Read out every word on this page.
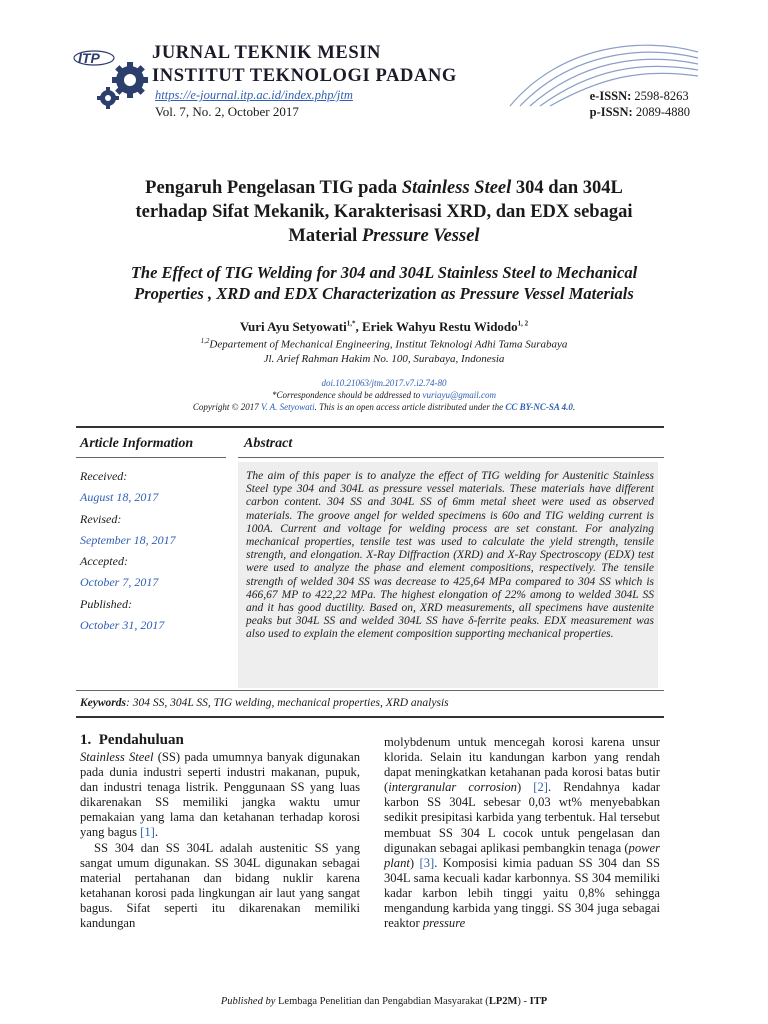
ITP	JURNAL TEKNIK MESIN
INSTITUT TEKNOLOGI PADANG
https://e-journal.itp.ac.id/index.php/jtm
Vol. 7, No. 2, October 2017
e-ISSN: 2598-8263
p-ISSN: 2089-4880
Pengaruh Pengelasan TIG pada Stainless Steel 304 dan 304L
terhadap Sifat Mekanik, Karakterisasi XRD, dan EDX sebagai
Material Pressure Vessel
The Effect of TIG Welding for 304 and 304L Stainless Steel to Mechanical
Properties , XRD and EDX Characterization as Pressure Vessel Materials
Vuri Ayu Setyowati$^{1,*}$, Eriek Wahyu Restu Widodo$^{1, 2}$
$^{1,2}$Departement of Mechanical Engineering, Institut Teknologi Adhi Tama Surabaya
Jl. Arief Rahman Hakim No. 100, Surabaya, Indonesia
doi.10.21063/jtm.2017.v7.i2.74-80
*Correspondence should be addressed to vuriayu@gmail.com
Copyright © 2017 V. A. Setyowati. This is an open access article distributed under the CC BY-NC-SA 4.0.
Article Information	Abstract
Received:
August 18, 2017
Revised:
September 18, 2017
Accepted:
October 7, 2017
Published:
October 31, 2017
The aim of this paper is to analyze the effect of TIG welding for Austenitic Stainless Steel type 304 and 304L as pressure vessel materials. These materials have different carbon content. 304 SS and 304L SS of 6mm metal sheet were used as observed materials. The groove angel for welded specimens is 60o and TIG welding current is 100A. Current and voltage for welding process are set constant. For analyzing mechanical properties, tensile test was used to calculate the yield strength, tensile strength, and elongation. X-Ray Diffraction (XRD) and X-Ray Spectroscopy (EDX) test were used to analyze the phase and element compositions, respectively. The tensile strength of welded 304 SS was decrease to 425,64 MPa compared to 304 SS which is 466,67 MP to 422,22 MPa. The highest elongation of 22% among to welded 304L SS and it has good ductility. Based on, XRD measurements, all specimens have austenite peaks but 304L SS and welded 304L SS have δ-ferrite peaks. EDX measurement was also used to explain the element composition supporting mechanical properties.
Keywords: 304 SS, 304L SS, TIG welding, mechanical properties, XRD analysis
1. Pendahuluan

Stainless Steel (SS) pada umumnya banyak digunakan pada dunia industri seperti industri makanan, pupuk, dan industri tenaga listrik. Penggunaan SS yang luas dikarenakan SS memiliki jangka waktu umur pemakaian yang lama dan ketahanan terhadap korosi yang bagus [1].

SS 304 dan SS 304L adalah austenitic SS yang sangat umum digunakan. SS 304L digunakan sebagai material pertahanan dan bidang nuklir karena ketahanan korosi pada lingkungan air laut yang sangat bagus. Sifat seperti itu dikarenakan memiliki kandungan

molybdenum untuk mencegah korosi karena unsur klorida. Selain itu kandungan karbon yang rendah dapat meningkatkan ketahanan pada korosi batas butir (intergranular corrosion) [2]. Rendahnya kadar karbon SS 304L sebesar 0,03 wt% menyebabkan sedikit presipitasi karbida yang terbentuk. Hal tersebut membuat SS 304 L cocok untuk pengelasan dan digunakan sebagai aplikasi pembangkin tenaga (power plant) [3]. Komposisi kimia paduan SS 304 dan SS 304L sama kecuali kadar karbonnya. SS 304 memiliki kadar karbon lebih tinggi yaitu 0,8% sehingga mengandung karbida yang tinggi. SS 304 juga sebagai reaktor pressure

Published by Lembaga Penelitian dan Pengabdian Masyarakat (LP2M) - ITP
